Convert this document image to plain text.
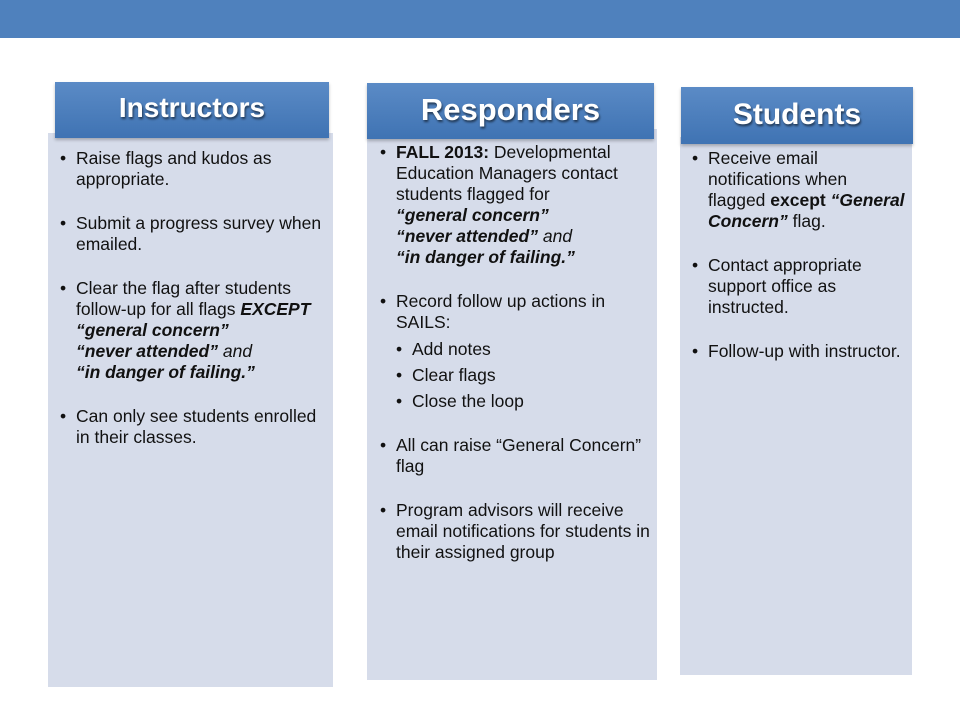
Instructors
• Raise flags and kudos as appropriate.
• Submit a progress survey when emailed.
• Clear the flag after students follow-up for all flags EXCEPT
“general concern”
“never attended” and
“in danger of failing.”
• Can only see students enrolled in their classes.
Responders
• FALL 2013: Developmental Education Managers contact students flagged for
“general concern”
“never attended” and
“in danger of failing.”
• Record follow up actions in SAILS:
• Add notes
• Clear flags
• Close the loop
• All can raise “General Concern” flag
• Program advisors will receive email notifications for students in their assigned group
Students
• Receive email notifications when flagged except “General Concern” flag.
• Contact appropriate support office as instructed.
• Follow-up with instructor.
